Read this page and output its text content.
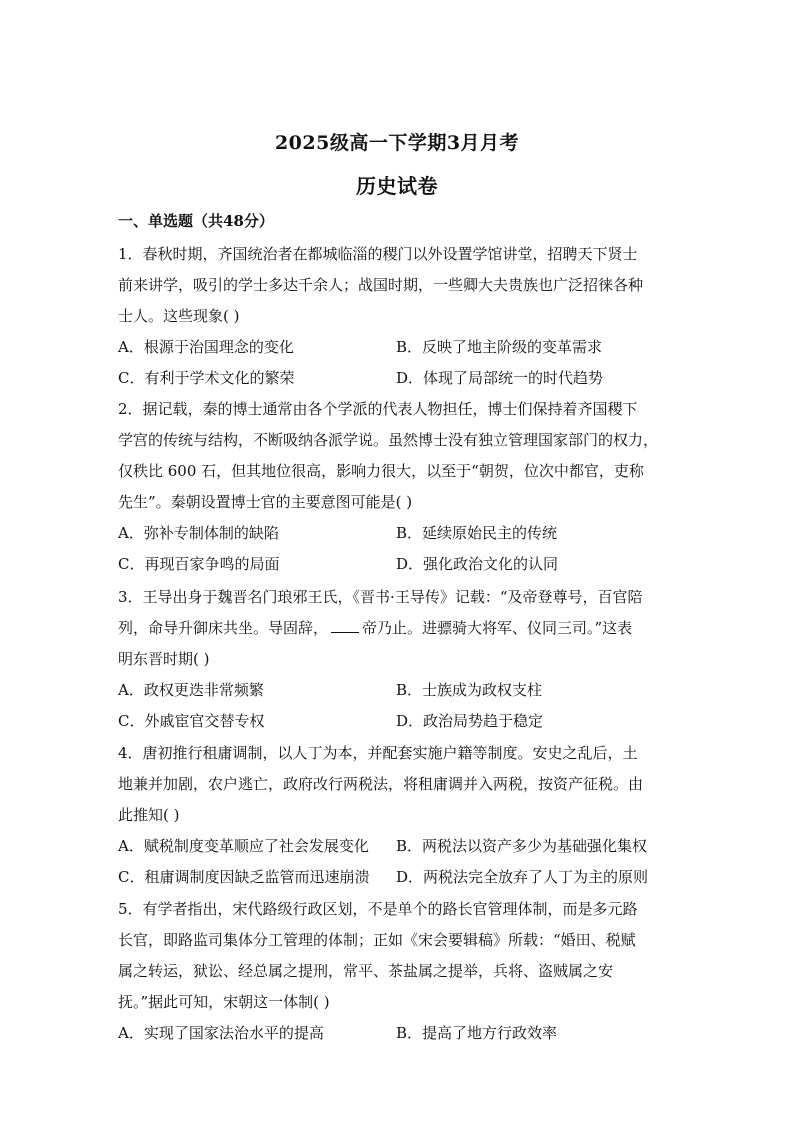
2025级高一下学期3月月考
历史试卷
一、单选题（共48分）
1．春秋时期，齐国统治者在都城临淄的稷门以外设置学馆讲堂，招聘天下贤士
前来讲学，吸引的学士多达千余人；战国时期，一些卿大夫贵族也广泛招徕各种
士人。这些现象( )
A．根源于治国理念的变化	B．反映了地主阶级的变革需求
C．有利于学术文化的繁荣	D．体现了局部统一的时代趋势
2．据记载，秦的博士通常由各个学派的代表人物担任，博士们保持着齐国稷下
学宫的传统与结构，不断吸纳各派学说。虽然博士没有独立管理国家部门的权力，
仅秩比 600 石，但其地位很高，影响力很大，以至于“朝贺，位次中都官，吏称
先生”。秦朝设置博士官的主要意图可能是( )
A．弥补专制体制的缺陷	B．延续原始民主的传统
C．再现百家争鸣的局面	D．强化政治文化的认同
3．王导出身于魏晋名门琅邪王氏，《晋书·王导传》记载：“及帝登尊号，百官陪
列，命导升御床共坐。导固辞， 帝乃止。进骠骑大将军、仪同三司。”这表
明东晋时期( )
A．政权更迭非常频繁	B．士族成为政权支柱
C．外戚宦官交替专权	D．政治局势趋于稳定
4．唐初推行租庸调制，以人丁为本，并配套实施户籍等制度。安史之乱后，土
地兼并加剧，农户逃亡，政府改行两税法，将租庸调并入两税，按资产征税。由
此推知( )
A．赋税制度变革顺应了社会发展变化 B．两税法以资产多少为基础强化集权
C．租庸调制度因缺乏监管而迅速崩溃 D．两税法完全放弃了人丁为主的原则
5．有学者指出，宋代路级行政区划，不是单个的路长官管理体制，而是多元路
长官，即路监司集体分工管理的体制；正如《宋会要辑稿》所载：“婚田、税赋
属之转运，狱讼、经总属之提刑，常平、茶盐属之提举，兵将、盗贼属之安
抚。”据此可知，宋朝这一体制( )
A．实现了国家法治水平的提高	B．提高了地方行政效率
